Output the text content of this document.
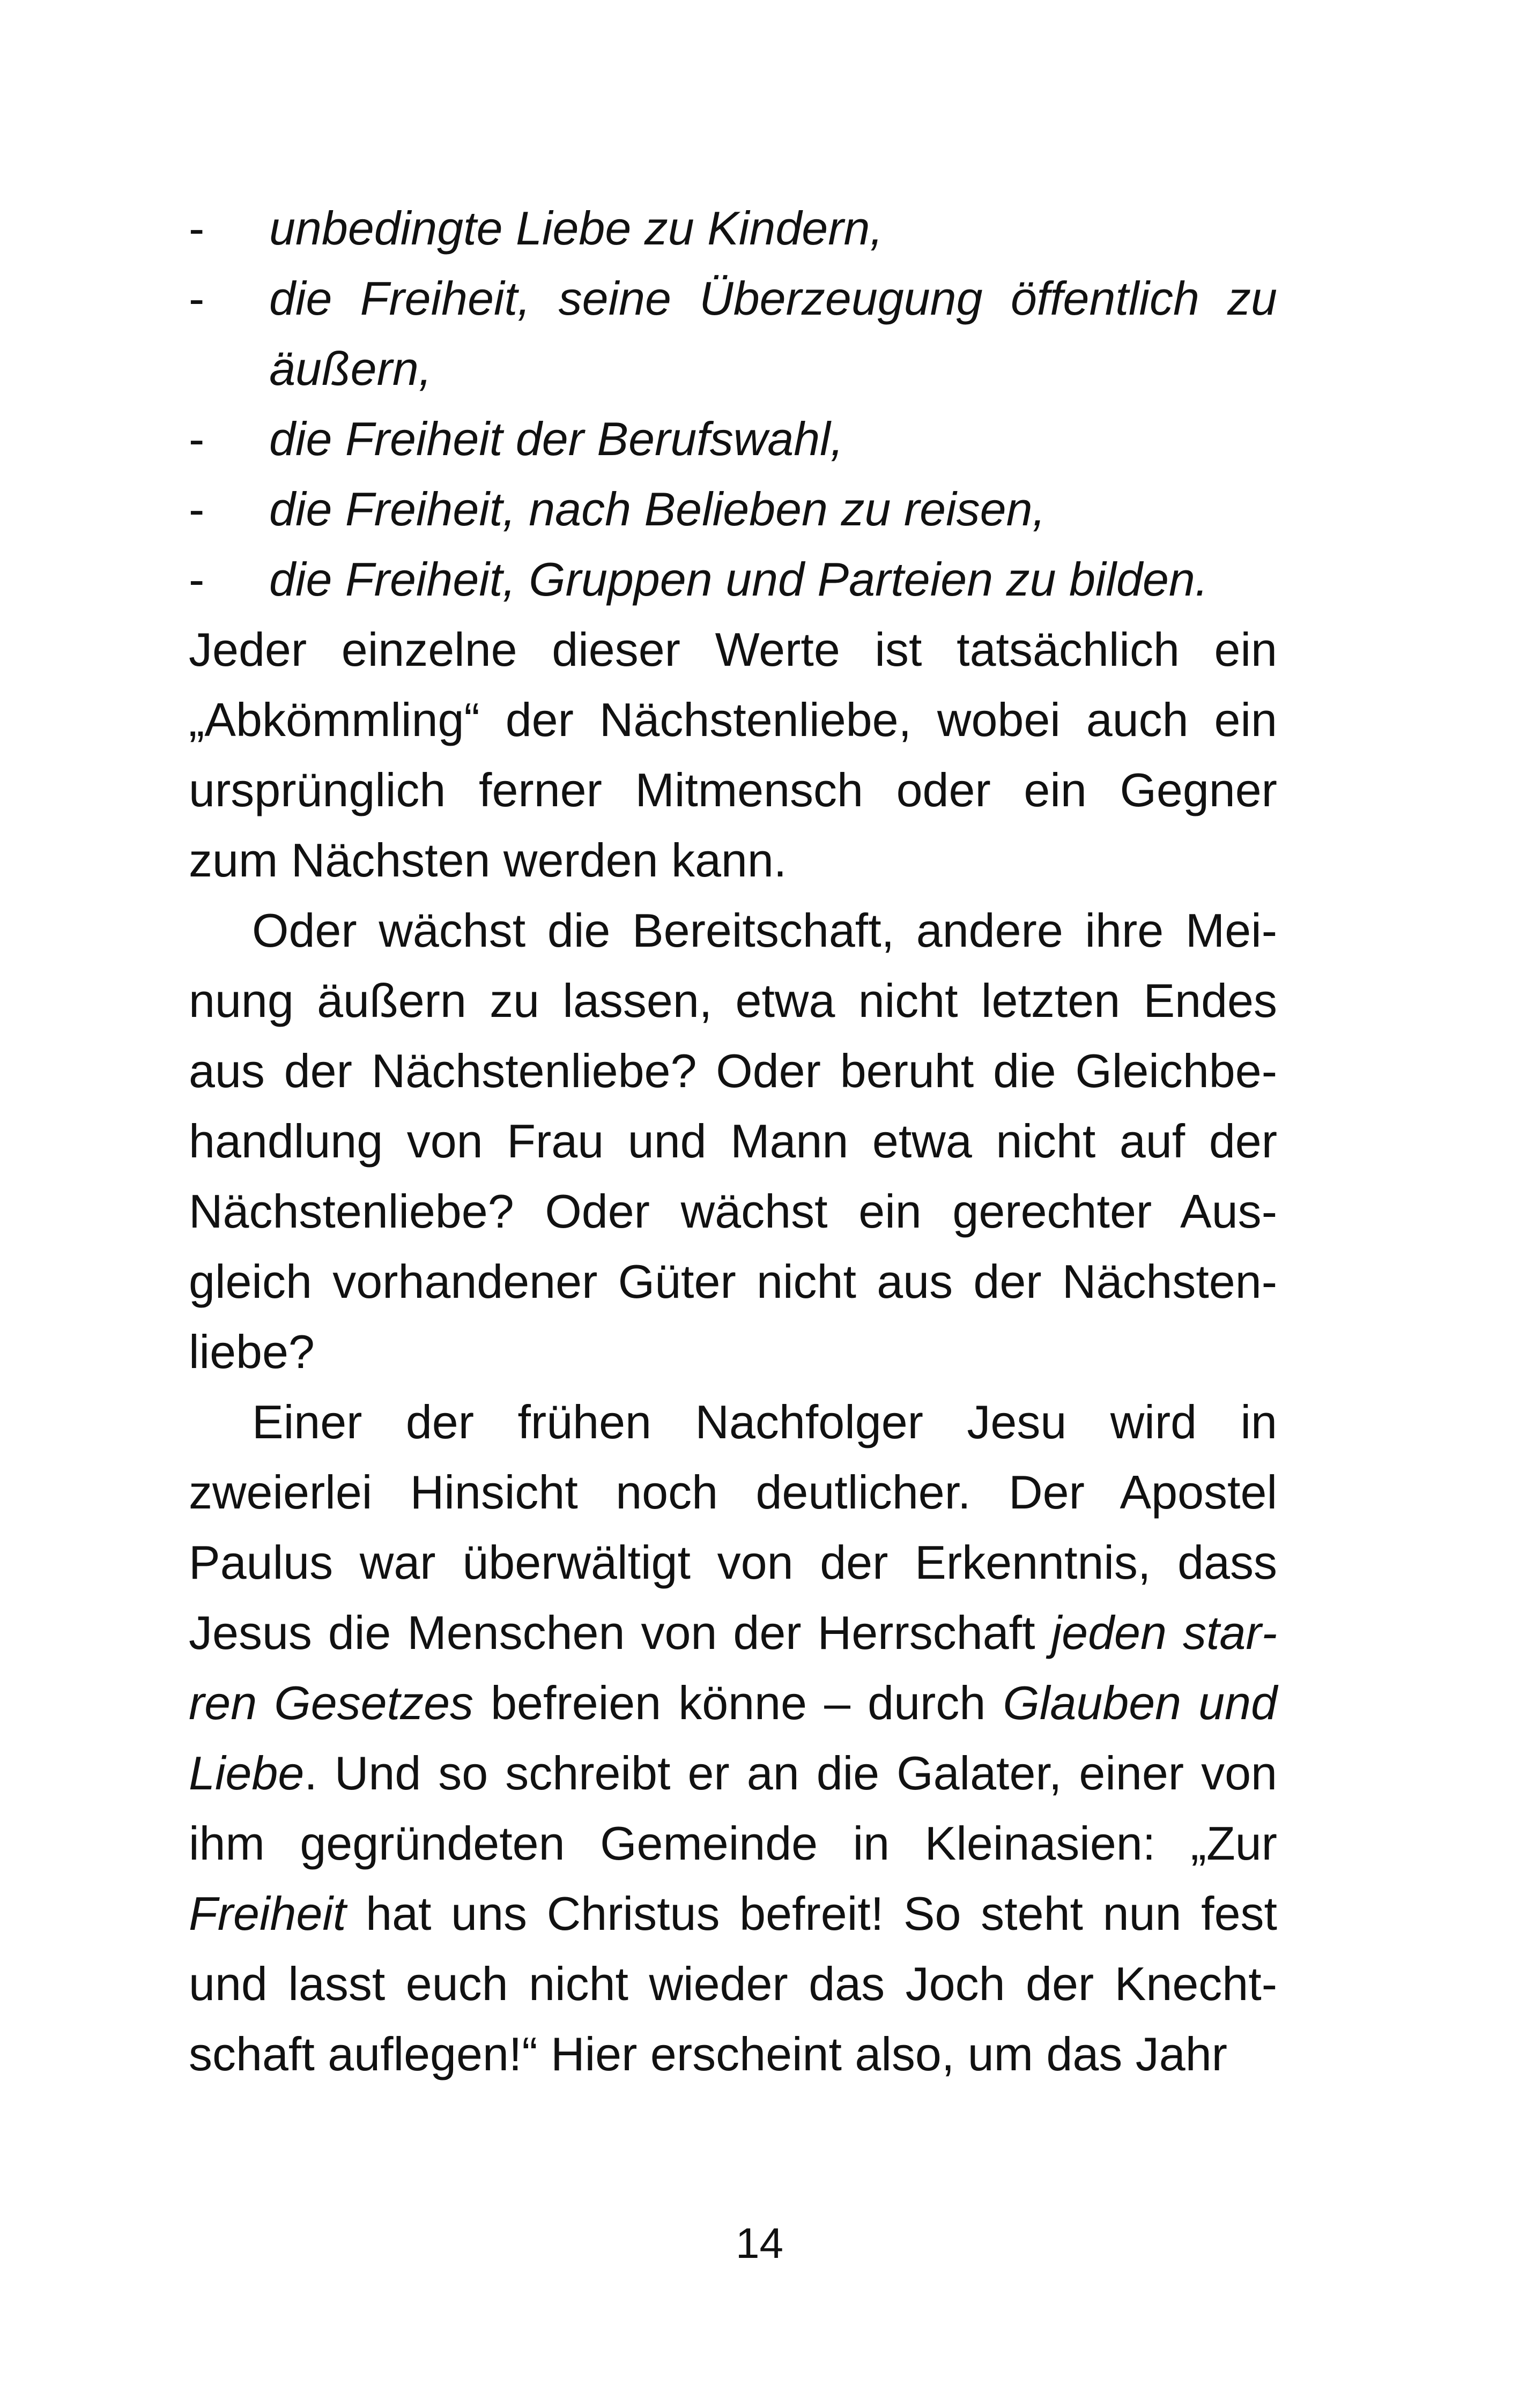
-	unbedingte Liebe zu Kindern,
-	die Freiheit, seine Überzeugung öffentlich zu äußern,
-	die Freiheit der Berufswahl,
-	die Freiheit, nach Belieben zu reisen,
-	die Freiheit, Gruppen und Parteien zu bilden.

Jeder einzelne dieser Werte ist tatsächlich ein „Abkömmling“ der Nächstenliebe, wobei auch ein ursprünglich ferner Mitmensch oder ein Gegner zum Nächsten werden kann.

Oder wächst die Bereitschaft, andere ihre Meinung äußern zu lassen, etwa nicht letzten Endes aus der Nächstenliebe? Oder beruht die Gleichbehandlung von Frau und Mann etwa nicht auf der Nächstenliebe? Oder wächst ein gerechter Ausgleich vorhandener Güter nicht aus der Nächstenliebe?

Einer der frühen Nachfolger Jesu wird in zweierlei Hinsicht noch deutlicher. Der Apostel Paulus war überwältigt von der Erkenntnis, dass Jesus die Menschen von der Herrschaft jeden starren Gesetzes befreien könne – durch Glauben und Liebe. Und so schreibt er an die Galater, einer von ihm gegründeten Gemeinde in Kleinasien: „Zur Freiheit hat uns Christus befreit! So steht nun fest und lasst euch nicht wieder das Joch der Knechtschaft auflegen!“ Hier erscheint also, um das Jahr

14
